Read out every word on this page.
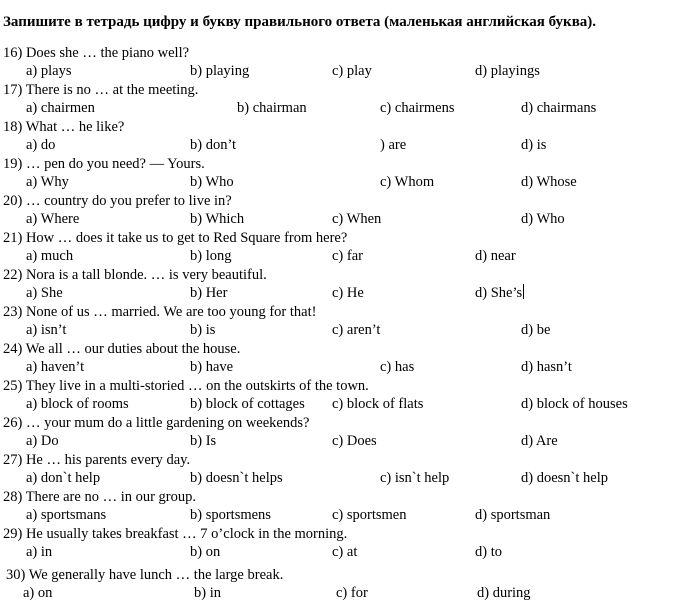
Запишите в тетрадь цифру и букву правильного ответа (маленькая английская буква).
16) Does she … the piano well?
a) plays	b) playing	c) play	d) playings
17) There is no … at the meeting.
a) chairmen	b) chairman	c) chairmens	d) chairmans
18) What … he like?
a) do	b) don’t	) are	d) is
19) … pen do you need? — Yours.
a) Why	b) Who	c) Whom	d) Whose
20) … country do you prefer to live in?
a) Where	b) Which	c) When	d) Who
21) How … does it take us to get to Red Square from here?
a) much	b) long	c) far	d) near
22) Nora is a tall blonde. … is very beautiful.
a) She	b) Her	c) He	d) She’s
23) None of us … married. We are too young for that!
a) isn’t	b) is	c) aren’t	d) be
24) We all … our duties about the house.
a) haven’t	b) have	c) has	d) hasn’t
25) They live in a multi-storied … on the outskirts of the town.
a) block of rooms	b) block of cottages c) block of flats	d) block of houses
26) … your mum do a little gardening on weekends?
a) Do	b) Is	c) Does	d) Are
27) He … his parents every day.
a) don`t help	b) doesn`t helps	c) isn`t help	d) doesn`t help
28) There are no … in our group.
a) sportsmans	b) sportsmens	c) sportsmen	d) sportsman
29) He usually takes breakfast … 7 o’clock in the morning.
a) in	b) on	c) at	d) to
30) We generally have lunch … the large break.
a) on	b) in	c) for	d) during
